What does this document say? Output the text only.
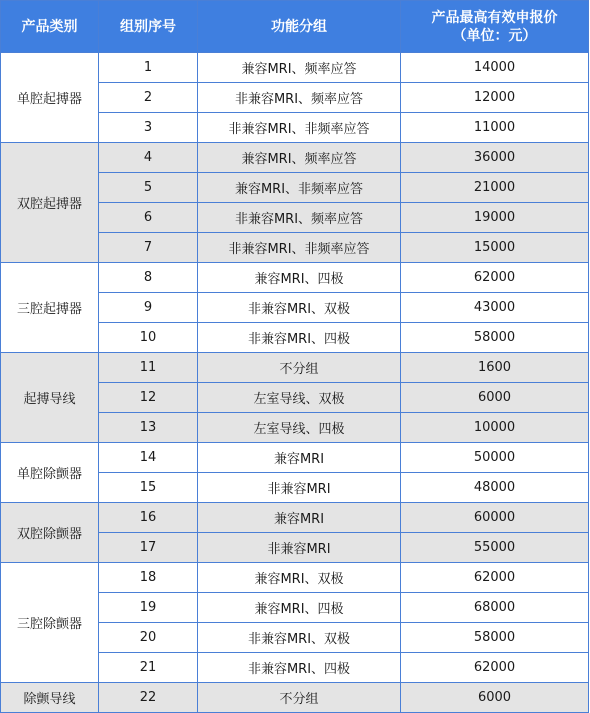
产品类别	组别序号	功能分组	产品最高有效申报价
（单位：元）

单腔起搏器	1	兼容MRI、频率应答	14000
	2	非兼容MRI、频率应答	12000
	3	非兼容MRI、非频率应答	11000
双腔起搏器	4	兼容MRI、频率应答	36000
	5	兼容MRI、非频率应答	21000
	6	非兼容MRI、频率应答	19000
	7	非兼容MRI、非频率应答	15000
三腔起搏器	8	兼容MRI、四极	62000
	9	非兼容MRI、双极	43000
	10	非兼容MRI、四极	58000
起搏导线	11	不分组	1600
	12	左室导线、双极	6000
	13	左室导线、四极	10000
单腔除颤器	14	兼容MRI	50000
	15	非兼容MRI	48000
双腔除颤器	16	兼容MRI	60000
	17	非兼容MRI	55000
三腔除颤器	18	兼容MRI、双极	62000
	19	兼容MRI、四极	68000
	20	非兼容MRI、双极	58000
	21	非兼容MRI、四极	62000
除颤导线	22	不分组	6000
